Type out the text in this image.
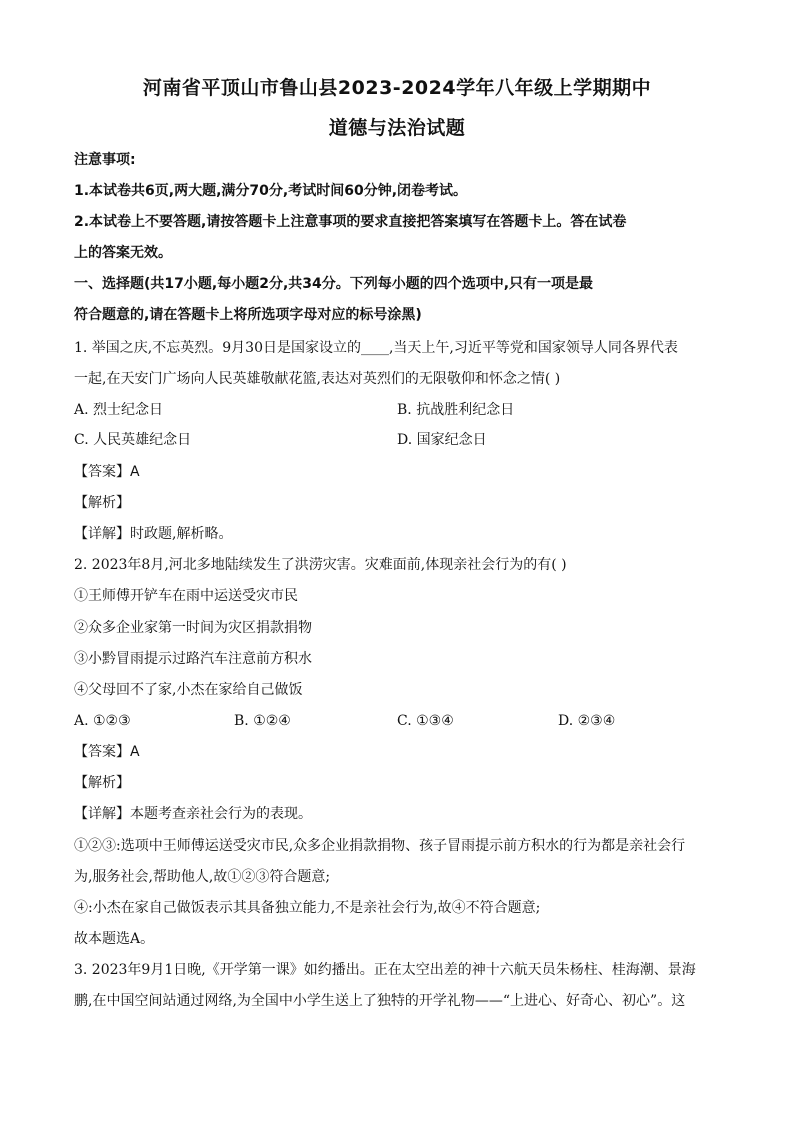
河南省平顶山市鲁山县2023-2024学年八年级上学期期中
道德与法治试题
注意事项:
1.本试卷共6页,两大题,满分70分,考试时间60分钟,闭卷考试。
2.本试卷上不要答题,请按答题卡上注意事项的要求直接把答案填写在答题卡上。答在试卷
上的答案无效。
一、选择题(共17小题,每小题2分,共34分。下列每小题的四个选项中,只有一项是最
符合题意的,请在答题卡上将所选项字母对应的标号涂黑)
1. 举国之庆,不忘英烈。9月30日是国家设立的____,当天上午,习近平等党和国家领导人同各界代表
一起,在天安门广场向人民英雄敬献花篮,表达对英烈们的无限敬仰和怀念之情( )
A. 烈士纪念日	B. 抗战胜利纪念日
C. 人民英雄纪念日	D. 国家纪念日
【答案】A
【解析】
【详解】时政题,解析略。
2. 2023年8月,河北多地陆续发生了洪涝灾害。灾难面前,体现亲社会行为的有( )
①王师傅开铲车在雨中运送受灾市民
②众多企业家第一时间为灾区捐款捐物
③小黔冒雨提示过路汽车注意前方积水
④父母回不了家,小杰在家给自己做饭
A. ①②③	B. ①②④	C. ①③④	D. ②③④
【答案】A
【解析】
【详解】本题考查亲社会行为的表现。
①②③:选项中王师傅运送受灾市民,众多企业捐款捐物、孩子冒雨提示前方积水的行为都是亲社会行
为,服务社会,帮助他人,故①②③符合题意;
④:小杰在家自己做饭表示其具备独立能力,不是亲社会行为,故④不符合题意;
故本题选A。
3. 2023年9月1日晚,《开学第一课》如约播出。正在太空出差的神十六航天员朱杨柱、桂海潮、景海
鹏,在中国空间站通过网络,为全国中小学生送上了独特的开学礼物——“上进心、好奇心、初心”。这
